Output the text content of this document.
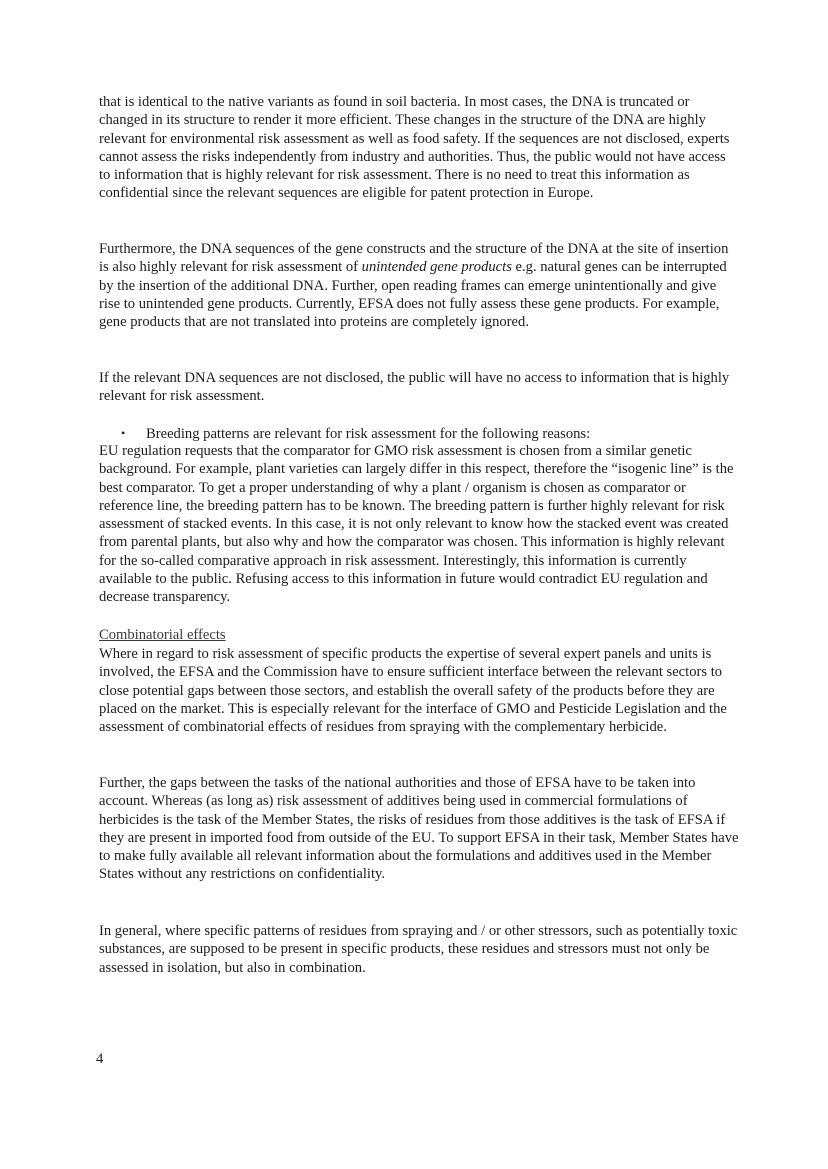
that is identical to the native variants as found in soil bacteria. In most cases, the DNA is truncated or changed in its structure to render it more efficient. These changes in the structure of the DNA are highly relevant for environmental risk assessment as well as food safety. If the sequences are not disclosed, experts cannot assess the risks independently from industry and authorities. Thus, the public would not have access to information that is highly relevant for risk assessment. There is no need to treat this information as confidential since the relevant sequences are eligible for patent protection in Europe.

Furthermore, the DNA sequences of the gene constructs and the structure of the DNA at the site of insertion is also highly relevant for risk assessment of unintended gene products e.g. natural genes can be interrupted by the insertion of the additional DNA. Further, open reading frames can emerge unintentionally and give rise to unintended gene products. Currently, EFSA does not fully assess these gene products. For example, gene products that are not translated into proteins are completely ignored.

If the relevant DNA sequences are not disclosed, the public will have no access to information that is highly relevant for risk assessment.

• Breeding patterns are relevant for risk assessment for the following reasons:

EU regulation requests that the comparator for GMO risk assessment is chosen from a similar genetic background. For example, plant varieties can largely differ in this respect, therefore the “isogenic line” is the best comparator. To get a proper understanding of why a plant / organism is chosen as comparator or reference line, the breeding pattern has to be known. The breeding pattern is further highly relevant for risk assessment of stacked events. In this case, it is not only relevant to know how the stacked event was created from parental plants, but also why and how the comparator was chosen. This information is highly relevant for the so-called comparative approach in risk assessment. Interestingly, this information is currently available to the public. Refusing access to this information in future would contradict EU regulation and decrease transparency.

Combinatorial effects

Where in regard to risk assessment of specific products the expertise of several expert panels and units is involved, the EFSA and the Commission have to ensure sufficient interface between the relevant sectors to close potential gaps between those sectors, and establish the overall safety of the products before they are placed on the market. This is especially relevant for the interface of GMO and Pesticide Legislation and the assessment of combinatorial effects of residues from spraying with the complementary herbicide.

Further, the gaps between the tasks of the national authorities and those of EFSA have to be taken into account. Whereas (as long as) risk assessment of additives being used in commercial formulations of herbicides is the task of the Member States, the risks of residues from those additives is the task of EFSA if they are present in imported food from outside of the EU. To support EFSA in their task, Member States have to make fully available all relevant information about the formulations and additives used in the Member States without any restrictions on confidentiality.

In general, where specific patterns of residues from spraying and / or other stressors, such as potentially toxic substances, are supposed to be present in specific products, these residues and stressors must not only be assessed in isolation, but also in combination.

4
